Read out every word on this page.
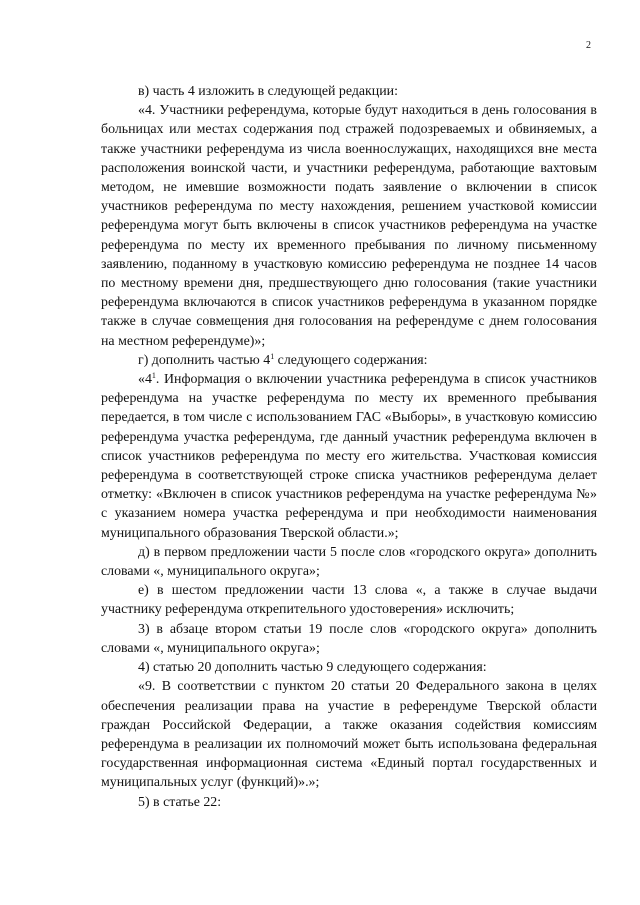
2

в) часть 4 изложить в следующей редакции:

«4. Участники референдума, которые будут находиться в день голосования в больницах или местах содержания под стражей подозреваемых и обвиняемых, а также участники референдума из числа военнослужащих, находящихся вне места расположения воинской части, и участники референдума, работающие вахтовым методом, не имевшие возможности подать заявление о включении в список участников референдума по месту нахождения, решением участковой комиссии референдума могут быть включены в список участников референдума на участке референдума по месту их временного пребывания по личному письменному заявлению, поданному в участковую комиссию референдума не позднее 14 часов по местному времени дня, предшествующего дню голосования (такие участники референдума включаются в список участников референдума в указанном порядке также в случае совмещения дня голосования на референдуме с днем голосования на местном референдуме)»;

г) дополнить частью $4^1$ следующего содержания:

«$4^1$. Информация о включении участника референдума в список участников референдума на участке референдума по месту их временного пребывания передается, в том числе с использованием ГАС «Выборы», в участковую комиссию референдума участка референдума, где данный участник референдума включен в список участников референдума по месту его жительства. Участковая комиссия референдума в соответствующей строке списка участников референдума делает отметку: «Включен в список участников референдума на участке референдума №» с указанием номера участка референдума и при необходимости наименования муниципального образования Тверской области.»;

д) в первом предложении части 5 после слов «городского округа» дополнить словами «, муниципального округа»;

е) в шестом предложении части 13 слова «, а также в случае выдачи участнику референдума открепительного удостоверения» исключить;

3) в абзаце втором статьи 19 после слов «городского округа» дополнить словами «, муниципального округа»;

4) статью 20 дополнить частью 9 следующего содержания:

«9. В соответствии с пунктом 20 статьи 20 Федерального закона в целях обеспечения реализации права на участие в референдуме Тверской области граждан Российской Федерации, а также оказания содействия комиссиям референдума в реализации их полномочий может быть использована федеральная государственная информационная система «Единый портал государственных и муниципальных услуг (функций)».»;

5) в статье 22:
